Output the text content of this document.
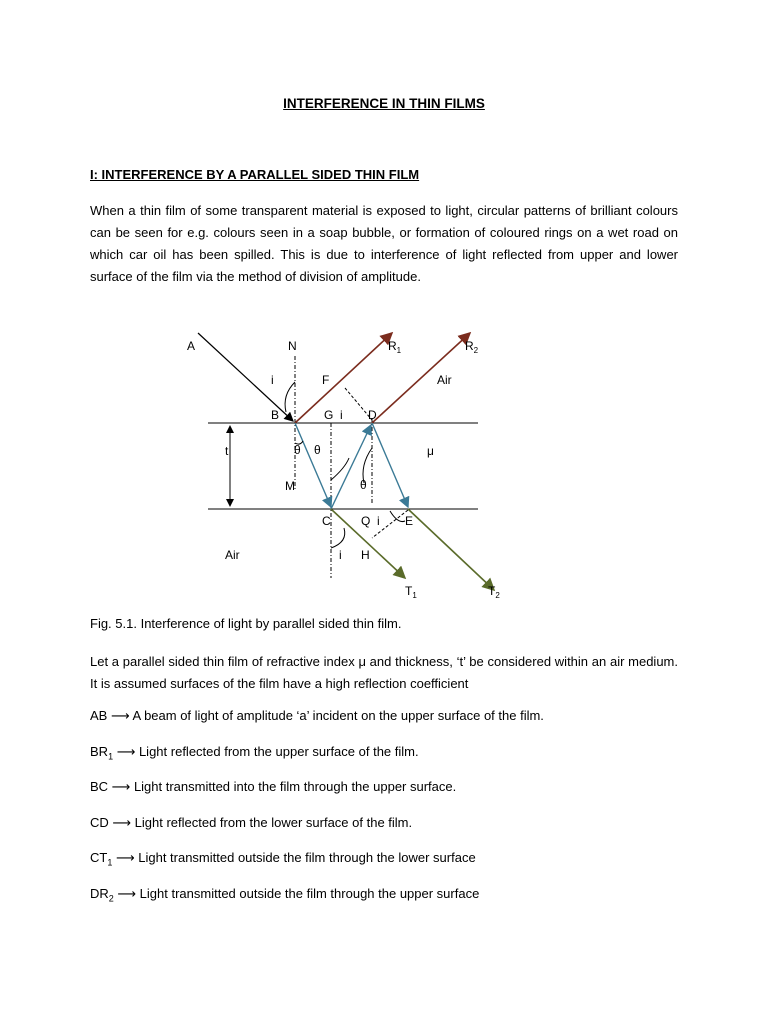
INTERFERENCE IN THIN FILMS
I: INTERFERENCE BY A PARALLEL SIDED THIN FILM

When a thin film of some transparent material is exposed to light, circular patterns of brilliant colours can be seen for e.g. colours seen in a soap bubble, or formation of coloured rings on a wet road on which car oil has been spilled. This is due to interference of light reflected from upper and lower surface of the film via the method of division of amplitude.

A	N	$R_1$	$R_2$
i	F	Air
B	G i D
t	θ θ	μ
M	θ
C	Q i E
Air	i H
$T_1$	$T_2$

Fig. 5.1. Interference of light by parallel sided thin film.

Let a parallel sided thin film of refractive index μ and thickness, ‘t’ be considered within an air medium. It is assumed surfaces of the film have a high reflection coefficient

AB ⟶ A beam of light of amplitude ‘a’ incident on the upper surface of the film.
$BR_1$ ⟶ Light reflected from the upper surface of the film.
BC ⟶ Light transmitted into the film through the upper surface.
CD ⟶ Light reflected from the lower surface of the film.
$CT_1$ ⟶ Light transmitted outside the film through the lower surface
$DR_2$ ⟶ Light transmitted outside the film through the upper surface
